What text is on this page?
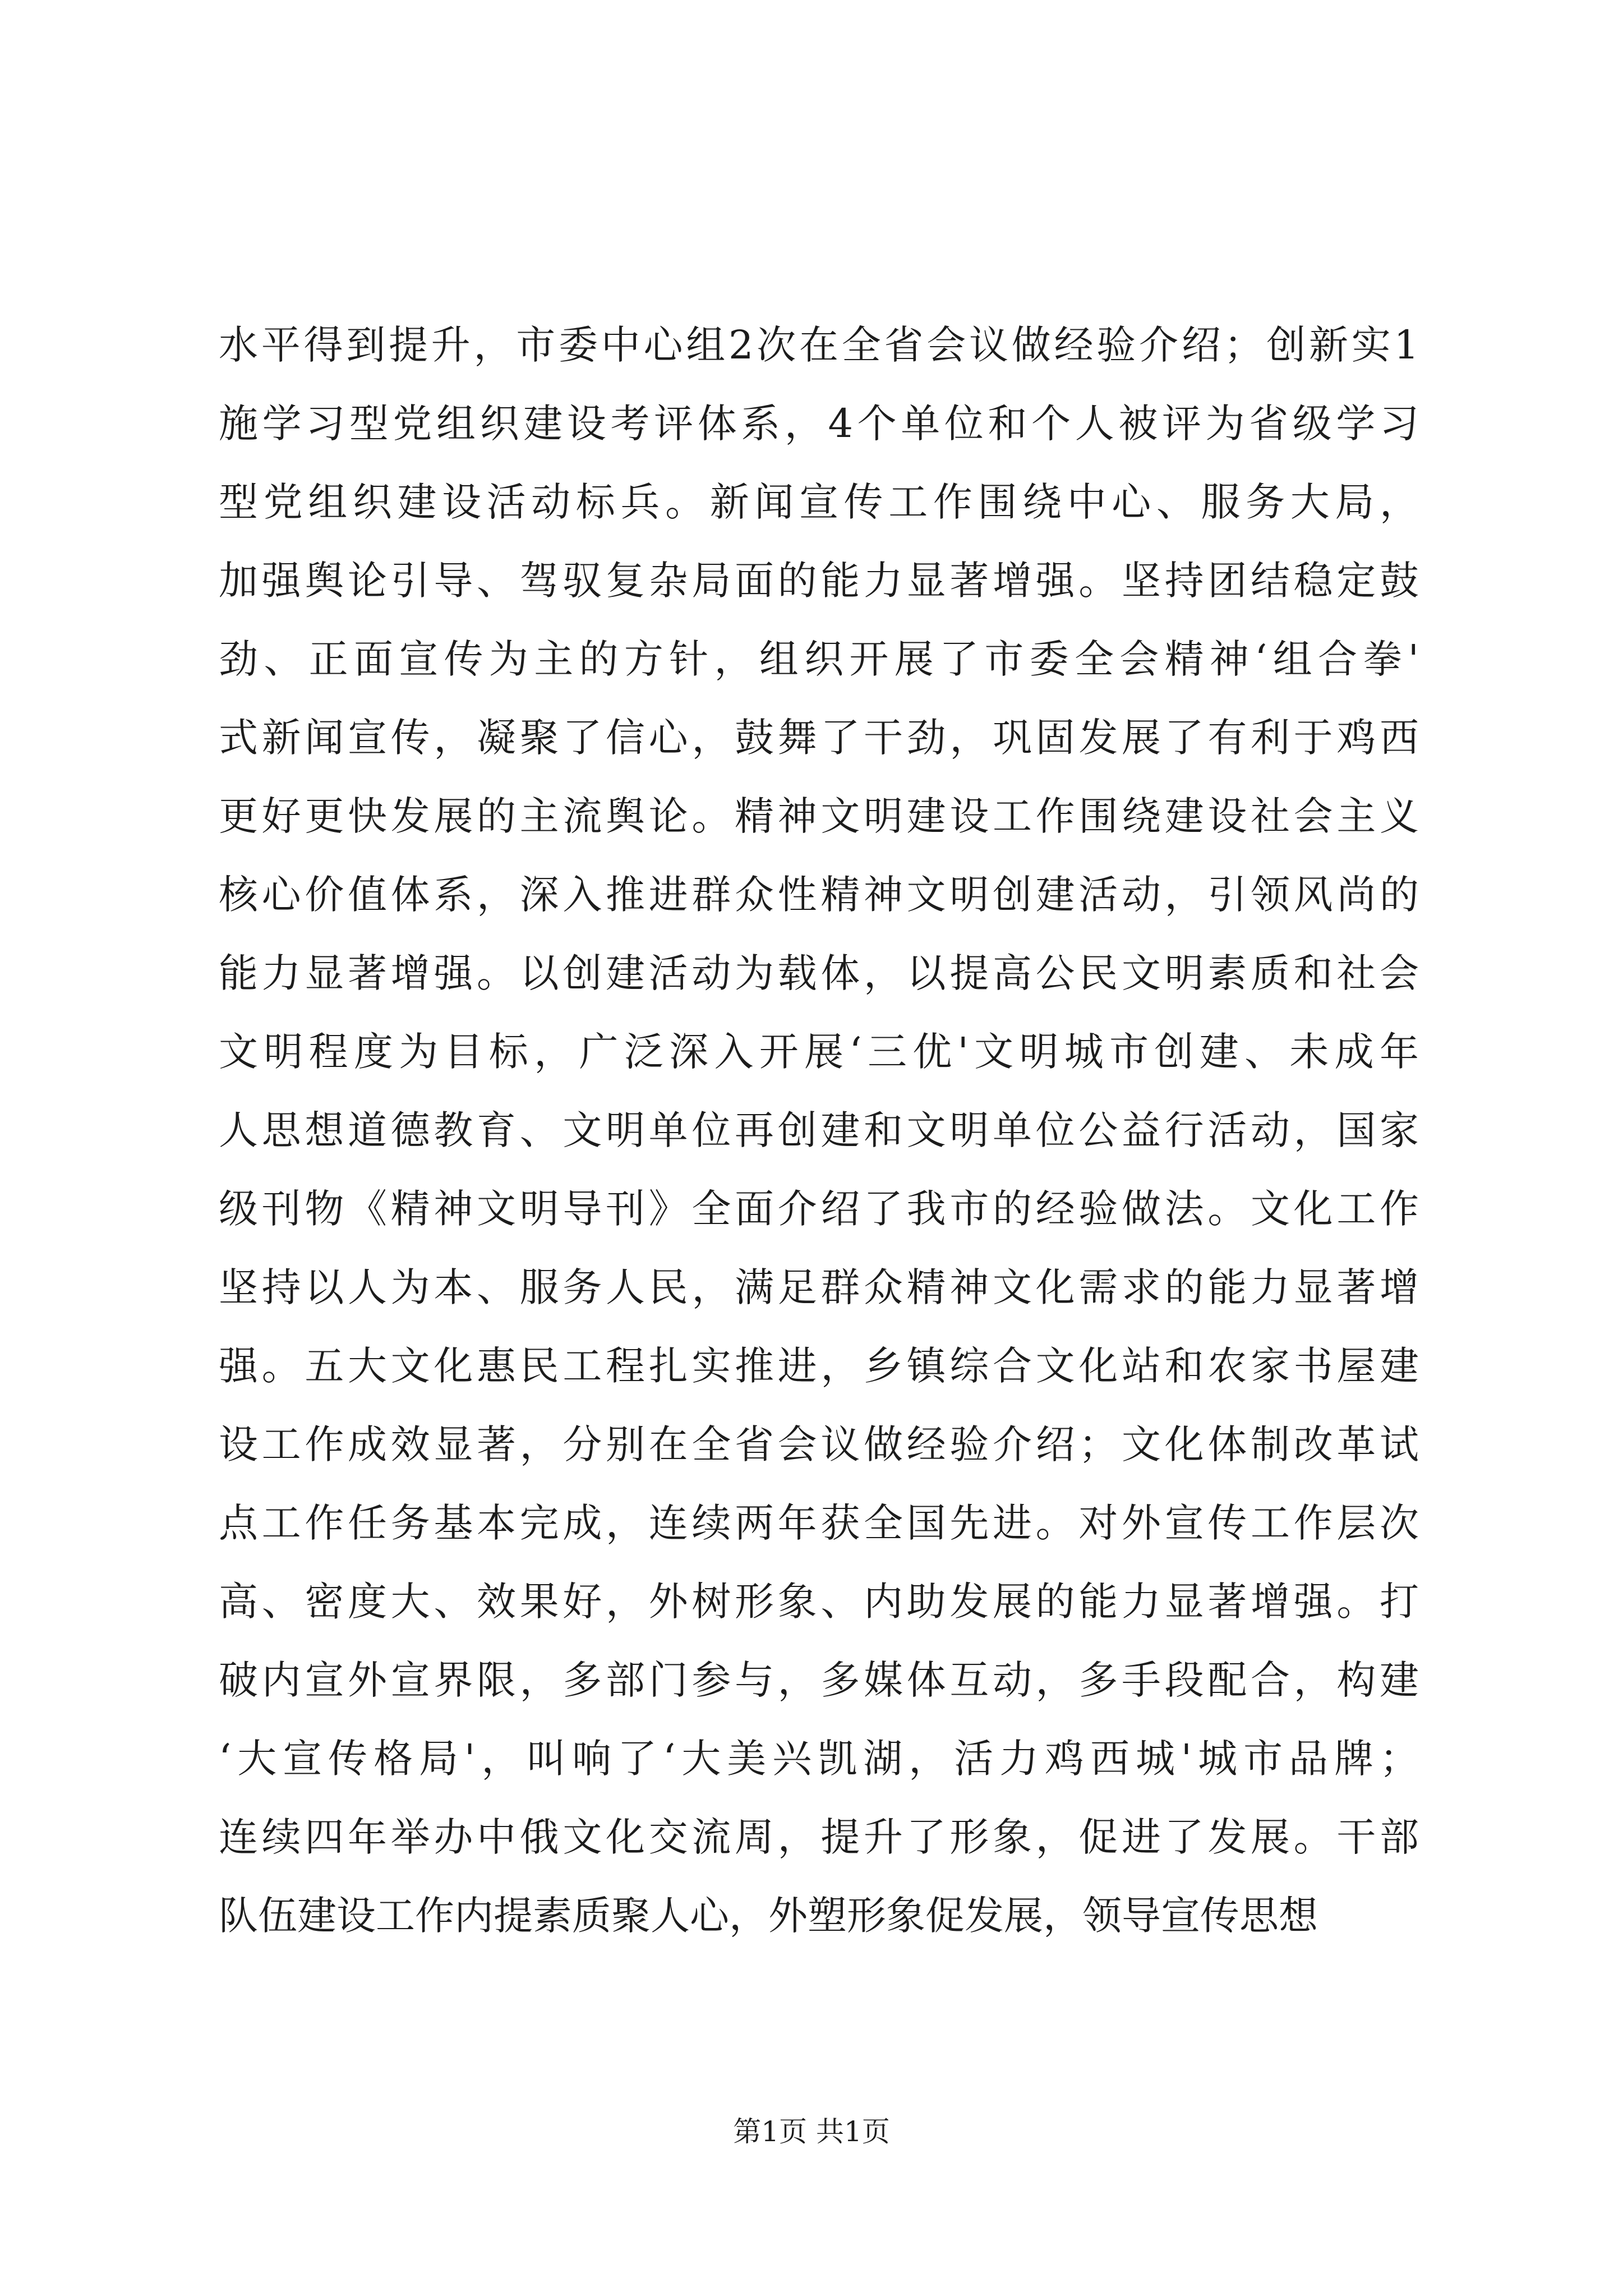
水平得到提升，市委中心组2次在全省会议做经验介绍；创新实1
施学习型党组织建设考评体系，4个单位和个人被评为省级学习
型党组织建设活动标兵。新闻宣传工作围绕中心、服务大局，
加强舆论引导、驾驭复杂局面的能力显著增强。坚持团结稳定鼓
劲、正面宣传为主的方针，组织开展了市委全会精神‘组合拳'
式新闻宣传，凝聚了信心，鼓舞了干劲，巩固发展了有利于鸡西
更好更快发展的主流舆论。精神文明建设工作围绕建设社会主义
核心价值体系，深入推进群众性精神文明创建活动，引领风尚的
能力显著增强。以创建活动为载体，以提高公民文明素质和社会
文明程度为目标，广泛深入开展‘三优'文明城市创建、未成年
人思想道德教育、文明单位再创建和文明单位公益行活动，国家
级刊物《精神文明导刊》全面介绍了我市的经验做法。文化工作
坚持以人为本、服务人民，满足群众精神文化需求的能力显著增
强。五大文化惠民工程扎实推进，乡镇综合文化站和农家书屋建
设工作成效显著，分别在全省会议做经验介绍；文化体制改革试
点工作任务基本完成，连续两年获全国先进。对外宣传工作层次
高、密度大、效果好，外树形象、内助发展的能力显著增强。打
破内宣外宣界限，多部门参与，多媒体互动，多手段配合，构建
‘大宣传格局'，叫响了‘大美兴凯湖，活力鸡西城'城市品牌；
连续四年举办中俄文化交流周，提升了形象，促进了发展。干部
队伍建设工作内提素质聚人心，外塑形象促发展，领导宣传思想
第1页 共1页
